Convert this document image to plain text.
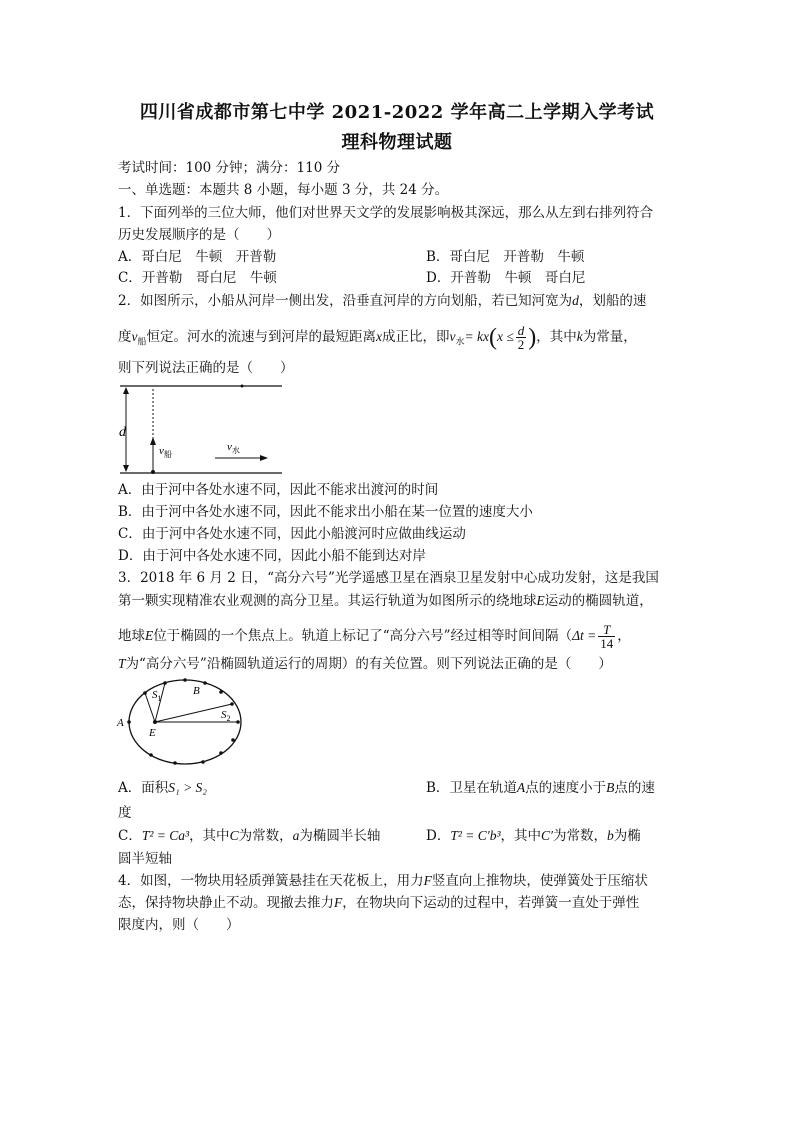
四川省成都市第七中学 2021-2022 学年高二上学期入学考试
理科物理试题
考试时间：100 分钟；满分：110 分
一、单选题：本题共 8 小题，每小题 3 分，共 24 分。
1．下面列举的三位大师，他们对世界天文学的发展影响极其深远，那么从左到右排列符合
历史发展顺序的是（　　）
A．哥白尼　牛顿　开普勒	B．哥白尼　开普勒　牛顿
C．开普勒　哥白尼　牛顿	D．开普勒　牛顿　哥白尼
2．如图所示，小船从河岸一侧出发，沿垂直河岸的方向划船，若已知河宽为d，划船的速
度$v_船$恒定。河水的流速与到河岸的最短距离x成正比，即$v_水= kx(x \le \frac{d}{2}$ )，其中k为常量，
则下列说法正确的是（　　）
d
$v_船$
$v_水$
A．由于河中各处水速不同，因此不能求出渡河的时间
B．由于河中各处水速不同，因此不能求出小船在某一位置的速度大小
C．由于河中各处水速不同，因此小船渡河时应做曲线运动
D．由于河中各处水速不同，因此小船不能到达对岸
3．2018 年 6 月 2 日，“高分六号”光学遥感卫星在酒泉卫星发射中心成功发射，这是我国
第一颗实现精准农业观测的高分卫星。其运行轨道为如图所示的绕地球E运动的椭圆轨道，
地球E位于椭圆的一个焦点上。轨道上标记了“高分六号”经过相等时间间隔（$\Delta t = \frac{T}{14}$ ，
T为“高分六号”沿椭圆轨道运行的周期）的有关位置。则下列说法正确的是（　　）
A
E
B
$S_1$
$S_2$
A．面积S₁ > S₂	B．卫星在轨道A点的速度小于B点的速
度
C．T² = Ca³，其中C为常数，a为椭圆半长轴	D．T² = C′b³，其中C′为常数，b为椭
圆半短轴
4．如图，一物块用轻质弹簧悬挂在天花板上，用力F竖直向上推物块，使弹簧处于压缩状
态，保持物块静止不动。现撤去推力F，在物块向下运动的过程中，若弹簧一直处于弹性
限度内，则（　　）
